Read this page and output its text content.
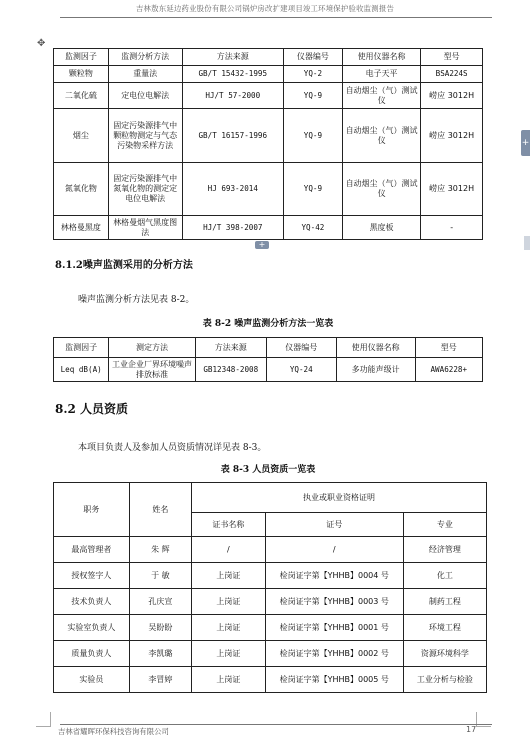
吉林敖东延边药业股份有限公司锅炉房改扩建项目竣工环境保护验收监测报告
✥
+
监测因子	监测分析方法	方法来源	仪器编号	使用仪器名称	型号
颗粒物	重量法	GB/T 15432-1995	YQ-2	电子天平	BSA224S
二氧化硫	定电位电解法	HJ/T 57-2000	YQ-9	自动烟尘（气）测试仪	崂应 3012H
烟尘	固定污染源排气中颗粒物测定与气态污染物采样方法	GB/T 16157-1996	YQ-9	自动烟尘（气）测试仪	崂应 3012H
氮氧化物	固定污染源排气中氮氧化物的测定定电位电解法	HJ 693-2014	YQ-9	自动烟尘（气）测试仪	崂应 3012H
林格曼黑度	林格曼烟气黑度图法	HJ/T 398-2007	YQ-42	黑度板	-
+
8.1.2噪声监测采用的分析方法
噪声监测分析方法见表 8-2。
表 8-2 噪声监测分析方法一览表
监测因子	测定方法	方法来源	仪器编号	使用仪器名称	型号
Leq dB(A)	工业企业厂界环境噪声排放标准	GB12348-2008	YQ-24	多功能声级计	AWA6228+
8.2 人员资质
本项目负责人及参加人员资质情况详见表 8-3。
表 8-3 人员资质一览表
职务	姓名	执业或职业资格证明		
		证书名称	证号	专业
最高管理者	朱 辉	/	/	经济管理
授权签字人	于 敏	上岗证	检岗证字第【YHHB】0004 号	化工
技术负责人	孔庆宣	上岗证	检岗证字第【YHHB】0003 号	制药工程
实验室负责人	吴盼盼	上岗证	检岗证字第【YHHB】0001 号	环境工程
质量负责人	李凯璐	上岗证	检岗证字第【YHHB】0002 号	资源环境科学
实验员	李冒婷	上岗证	检岗证字第【YHHB】0005 号	工业分析与检验
吉林省耀晖环保科技咨询有限公司	17
